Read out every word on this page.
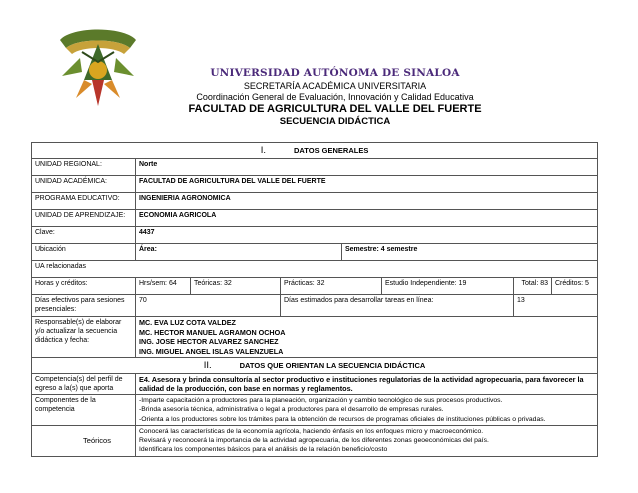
UNIVERSIDAD AUTÓNOMA DE SINALOA
SECRETARÍA ACADÉMICA UNIVERSITARIA
Coordinación General de Evaluación, Innovación y Calidad Educativa
FACULTAD DE AGRICULTURA DEL VALLE DEL FUERTE
SECUENCIA DIDÁCTICA
I. DATOS GENERALES							
UNIDAD REGIONAL:	Norte						
UNIDAD ACADÉMICA:	FACULTAD DE AGRICULTURA DEL VALLE DEL FUERTE						
PROGRAMA EDUCATIVO:	INGENIERIA AGRONOMICA						
UNIDAD DE APRENDIZAJE:	ECONOMIA AGRICOLA						
Clave:	4437						
Ubicación	Área:			Semestre: 4 semestre			
UA relacionadas							
Horas y créditos:	Hrs/sem: 64	Teóricas: 32	Prácticas: 32		Estudio Independiente: 19	Total: 83	Créditos: 5
Días efectivos para sesiones presenciales:	70		Días estimados para desarrollar tareas en línea:			13	
Responsable(s) de elaborar y/o actualizar la secuencia didáctica y fecha:	MC. EVA LUZ COTA VALDEZ
MC. HECTOR MANUEL AGRAMON OCHOA
ING. JOSE HECTOR ALVAREZ SANCHEZ
ING. MIGUEL ANGEL ISLAS VALENZUELA						

II. DATOS QUE ORIENTAN LA SECUENCIA DIDÁCTICA							
Competencia(s) del perfil de egreso a la(s) que aporta	E4. Asesora y brinda consultoría al sector productivo e instituciones regulatorias de la actividad agropecuaria, para favorecer la calidad de la producción, con base en normas y reglamentos.						
Componentes de la competencia	-Imparte capacitación a productores para la planeación, organización y cambio tecnológico de sus procesos productivos.
-Brinda asesoría técnica, administrativa o legal a productores para el desarrollo de empresas rurales.
-Orienta a los productores sobre los trámites para la obtención de recursos de programas oficiales de instituciones públicas o privadas.						

Teóricos	Conocerá las características de la economía agrícola, haciendo énfasis en los enfoques micro y macroeconómico.
Revisará y reconocerá la importancia de la actividad agropecuaria, de los diferentes zonas geoeconómicas del país.
Identificara los componentes básicos para el análisis de la relación beneficio/costo						
